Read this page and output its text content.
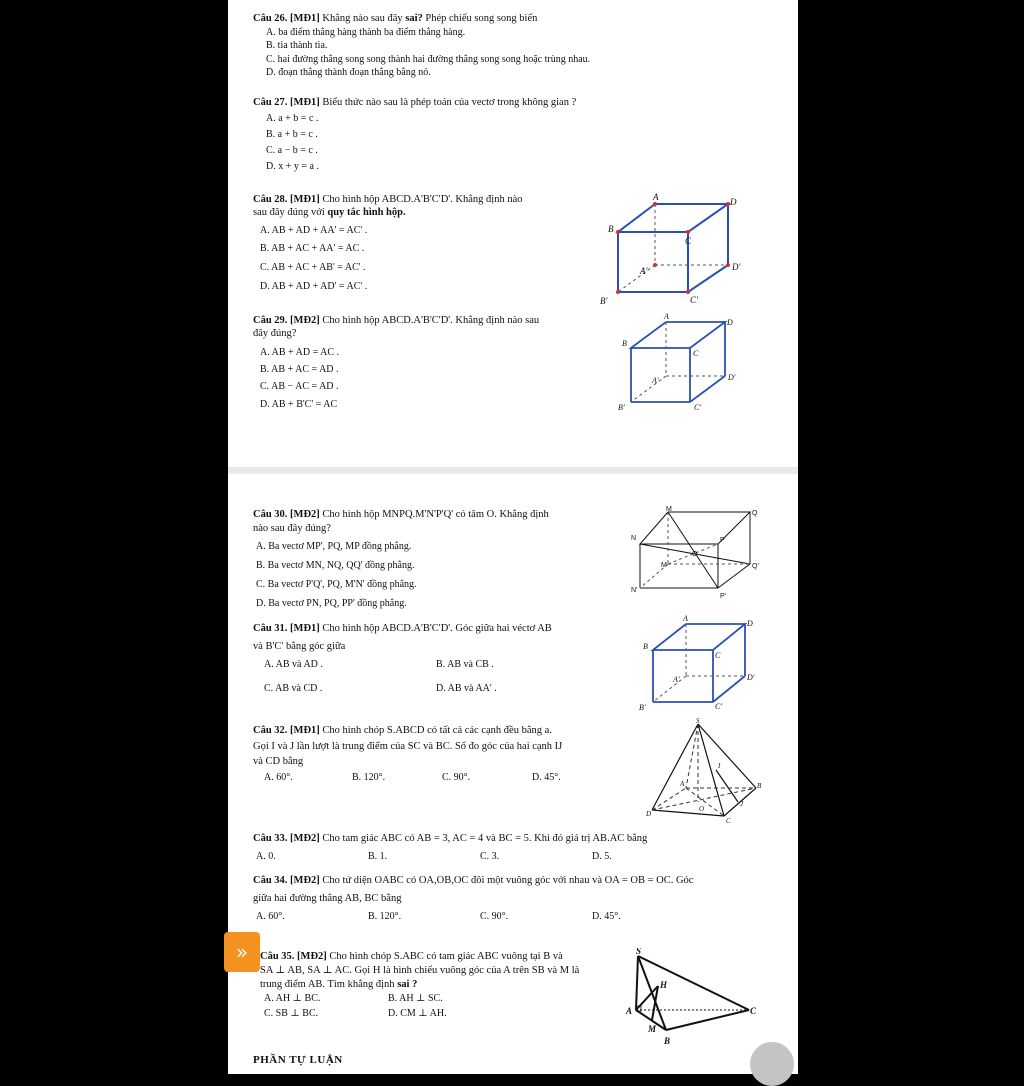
Câu 26. [MĐ1] Khẳng nào sau đây sai? Phép chiếu song song biến
A. ba điểm thẳng hàng thành ba điểm thẳng hàng.
B. tia thành tia.
C. hai đường thẳng song song thành hai đường thẳng song song hoặc trùng nhau.
D. đoạn thẳng thành đoạn thẳng bằng nó.
Câu 27. [MĐ1] Biểu thức nào sau là phép toán của vectơ trong không gian ?
A. a + b = c .
B. a + b = c .
C. a − b = c .
D. x + y = a .
Câu 28. [MĐ1] Cho hình hộp ABCD.A'B'C'D'. Khẳng định nào
sau đây đúng với quy tắc hình hộp.
A. AB + AD + AA' = AC' .
B. AB + AC + AA' = AC .
C. AB + AC + AB' = AC' .
D. AB + AD + AD' = AC' .
A	D
B
C
A'	D'
B'	C'
Câu 29. [MĐ2] Cho hình hộp ABCD.A'B'C'D'. Khẳng định nào sau
đây đúng?
A. AB + AD = AC .
B. AB + AC = AD .
C. AB − AC = AD .
D. AB + B'C' = AC
A
D
B
C
A'	D'
B'	C'
Câu 30. [MĐ2] Cho hình hộp MNPQ.M'N'P'Q' có tâm O. Khẳng định
nào sau đây đúng?
A. Ba vectơ MP', PQ, MP đồng phẳng.
B. Ba vectơ MN, NQ, QQ' đồng phẳng.
C. Ba vectơ P'Q', PQ, M'N' đồng phẳng.
D. Ba vectơ PN, PQ, PP' đồng phẳng.
M
Q
N	P
O
M	Q'
N'
P'
Câu 31. [MĐ1] Cho hình hộp ABCD.A'B'C'D'. Góc giữa hai véctơ AB
và B'C' bằng góc giữa
A. AB và AD .	B. AB và CB .
C. AB và CD .	D. AB và AA' .
A
D
B
C
A'	D'
B'	C'
Câu 32. [MĐ1] Cho hình chóp S.ABCD có tất cả các cạnh đều bằng a.
Gọi I và J lần lượt là trung điểm của SC và BC. Số đo góc của hai cạnh IJ
và CD bằng
A. 60°.	B. 120°.	C. 90°.	D. 45°.
S
D
C
B
A
O
I
J
Câu 33. [MĐ2] Cho tam giác ABC có AB = 3, AC = 4 và BC = 5. Khi đó giá trị AB.AC bằng
A. 0.	B. 1.	C. 3.	D. 5.
Câu 34. [MĐ2] Cho tứ diện OABC có OA,OB,OC đôi một vuông góc với nhau và OA = OB = OC. Góc
giữa hai đường thẳng AB, BC bằng
A. 60°.	B. 120°.	C. 90°.	D. 45°.
Câu 35. [MĐ2] Cho hình chóp S.ABC có tam giác ABC vuông tại B và
SA ⊥ AB, SA ⊥ AC. Gọi H là hình chiếu vuông góc của A trên SB và M là
trung điểm AB. Tìm khẳng định sai ?
A. AH ⊥ BC.	B. AH ⊥ SC.
C. SB ⊥ BC.	D. CM ⊥ AH.
S
H
A	C
M
B
PHẦN TỰ LUẬN
»
